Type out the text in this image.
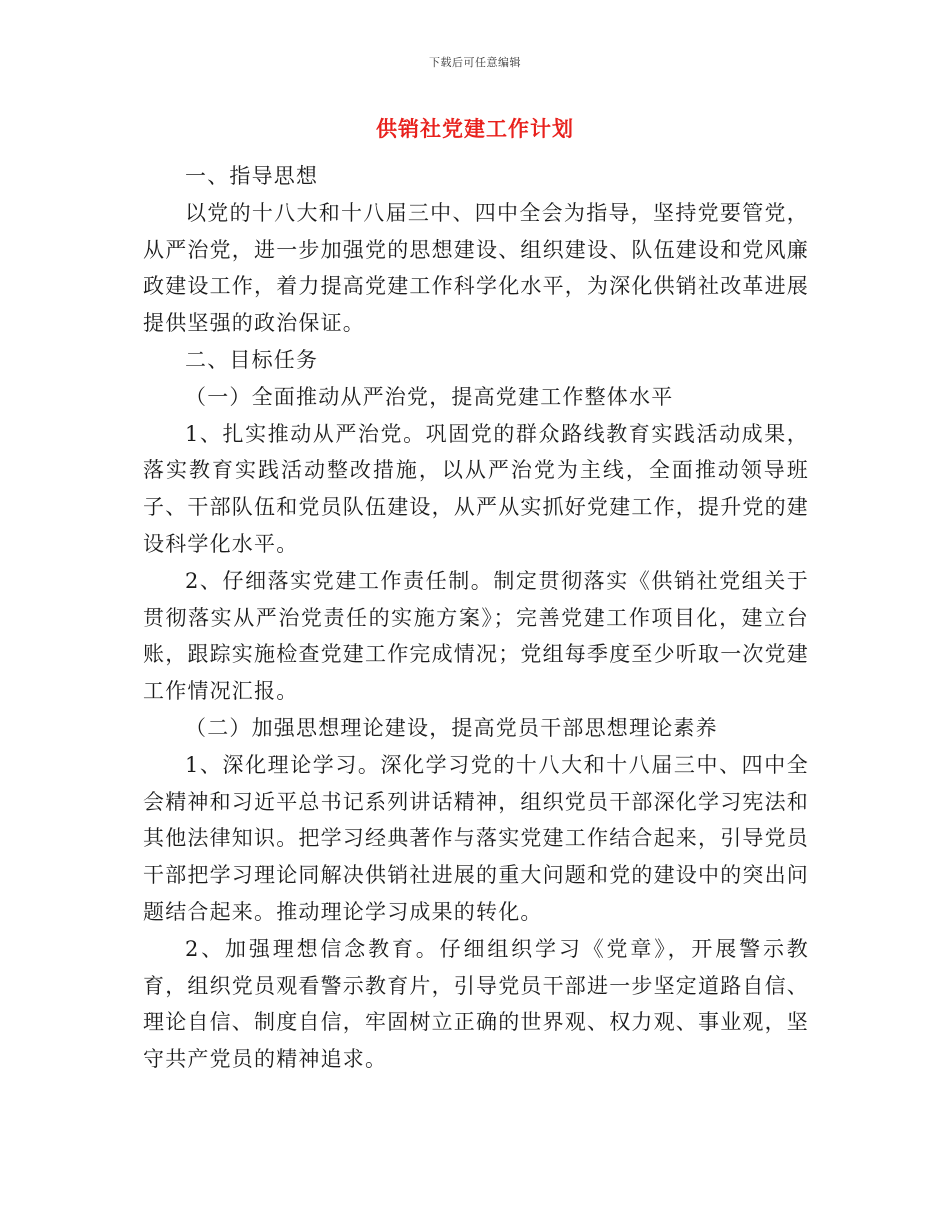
下载后可任意编辑
供销社党建工作计划

一、指导思想

以党的十八大和十八届三中、四中全会为指导，坚持党要管党，从严治党，进一步加强党的思想建设、组织建设、队伍建设和党风廉政建设工作，着力提高党建工作科学化水平，为深化供销社改革进展提供坚强的政治保证。

二、目标任务

（一）全面推动从严治党，提高党建工作整体水平

1、扎实推动从严治党。巩固党的群众路线教育实践活动成果，落实教育实践活动整改措施，以从严治党为主线，全面推动领导班子、干部队伍和党员队伍建设，从严从实抓好党建工作，提升党的建设科学化水平。

2、仔细落实党建工作责任制。制定贯彻落实《供销社党组关于贯彻落实从严治党责任的实施方案》；完善党建工作项目化，建立台账，跟踪实施检查党建工作完成情况；党组每季度至少听取一次党建工作情况汇报。

（二）加强思想理论建设，提高党员干部思想理论素养

1、深化理论学习。深化学习党的十八大和十八届三中、四中全会精神和习近平总书记系列讲话精神，组织党员干部深化学习宪法和其他法律知识。把学习经典著作与落实党建工作结合起来，引导党员干部把学习理论同解决供销社进展的重大问题和党的建设中的突出问题结合起来。推动理论学习成果的转化。

2、加强理想信念教育。仔细组织学习《党章》，开展警示教育，组织党员观看警示教育片，引导党员干部进一步坚定道路自信、理论自信、制度自信，牢固树立正确的世界观、权力观、事业观，坚守共产党员的精神追求。
